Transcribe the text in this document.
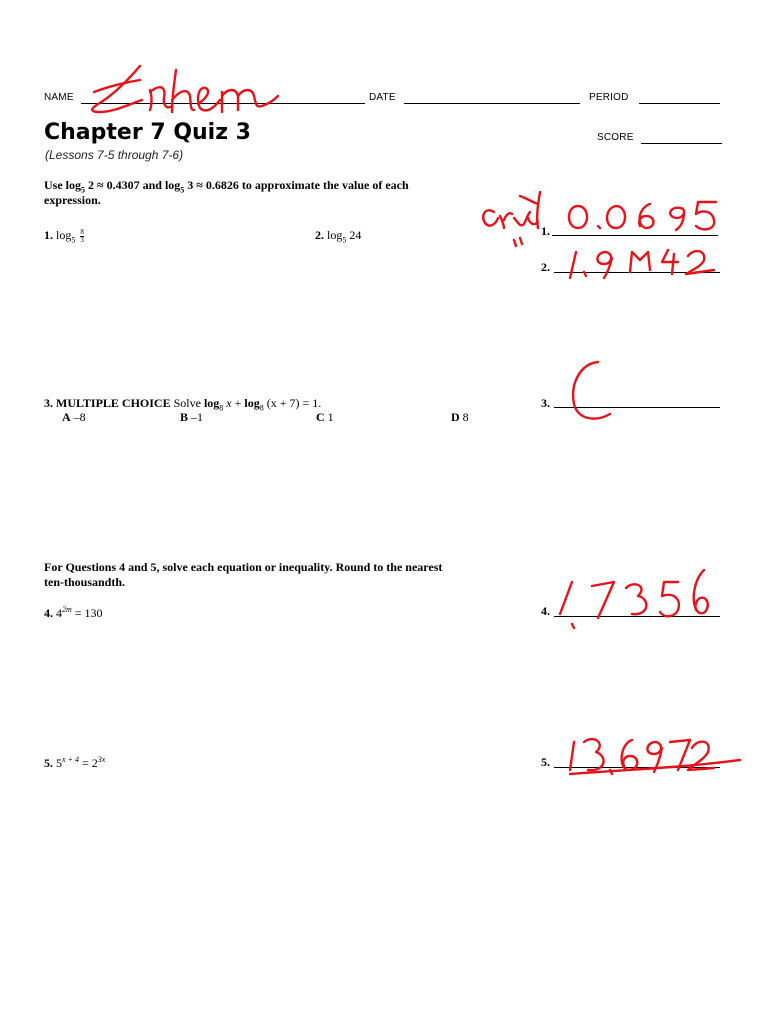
NAME	DATE	PERIOD
Chapter 7 Quiz 3
(Lessons 7-5 through 7-6)
SCORE
Use $\log_5 2 \approx 0.4307$ and $\log_5 3 \approx 0.6826$ to approximate the value of each
expression.
1. $\log_5 \frac{8}{3}$	2. $\log_5 24$	1.
2.
3. MULTIPLE CHOICE Solve $\log_8 x + \log_8 (x + 7) = 1$.
A –8	B –1	C 1	D 8
3.
For Questions 4 and 5, solve each equation or inequality. Round to the nearest
ten-thousandth.
4. $4^{2m} = 130$	4.
5. $5^{x + 4} = 2^{3x}$	5.
